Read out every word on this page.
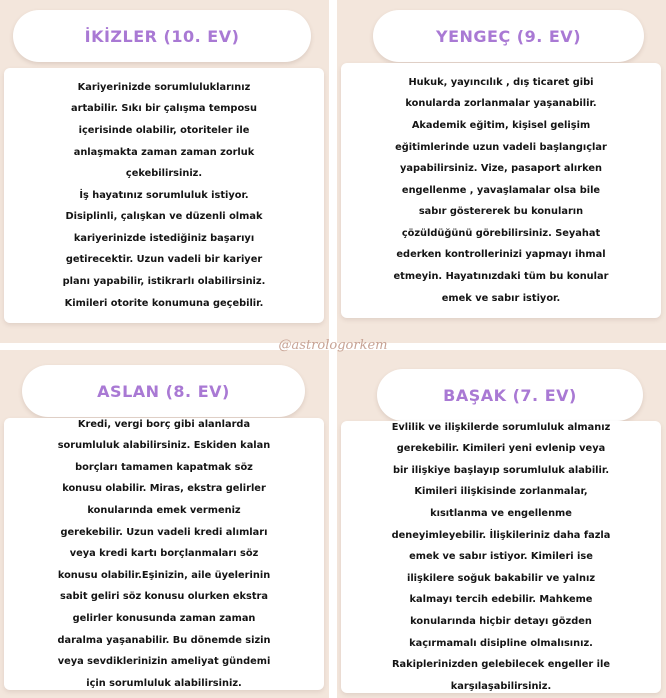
İKİZLER (10. EV)
Kariyerinizde sorumluluklarınız
artabilir. Sıkı bir çalışma temposu
içerisinde olabilir, otoriteler ile
anlaşmakta zaman zaman zorluk
çekebilirsiniz.
İş hayatınız sorumluluk istiyor.
Disiplinli, çalışkan ve düzenli olmak
kariyerinizde istediğiniz başarıyı
getirecektir. Uzun vadeli bir kariyer
planı yapabilir, istikrarlı olabilirsiniz.
Kimileri otorite konumuna geçebilir.
YENGEÇ (9. EV)
Hukuk, yayıncılık , dış ticaret gibi
konularda zorlanmalar yaşanabilir.
Akademik eğitim, kişisel gelişim
eğitimlerinde uzun vadeli başlangıçlar
yapabilirsiniz. Vize, pasaport alırken
engellenme , yavaşlamalar olsa bile
sabır göstererek bu konuların
çözüldüğünü görebilirsiniz. Seyahat
ederken kontrollerinizi yapmayı ihmal
etmeyin. Hayatınızdaki tüm bu konular
emek ve sabır istiyor.
@astrologorkem
ASLAN (8. EV)
Kredi, vergi borç gibi alanlarda
sorumluluk alabilirsiniz. Eskiden kalan
borçları tamamen kapatmak söz
konusu olabilir. Miras, ekstra gelirler
konularında emek vermeniz
gerekebilir. Uzun vadeli kredi alımları
veya kredi kartı borçlanmaları söz
konusu olabilir.Eşinizin, aile üyelerinin
sabit geliri söz konusu olurken ekstra
gelirler konusunda zaman zaman
daralma yaşanabilir. Bu dönemde sizin
veya sevdiklerinizin ameliyat gündemi
için sorumluluk alabilirsiniz.
BAŞAK (7. EV)
Evlilik ve ilişkilerde sorumluluk almanız
gerekebilir. Kimileri yeni evlenip veya
bir ilişkiye başlayıp sorumluluk alabilir.
Kimileri ilişkisinde zorlanmalar,
kısıtlanma ve engellenme
deneyimleyebilir. İlişkileriniz daha fazla
emek ve sabır istiyor. Kimileri ise
ilişkilere soğuk bakabilir ve yalnız
kalmayı tercih edebilir. Mahkeme
konularında hiçbir detayı gözden
kaçırmamalı disipline olmalısınız.
Rakiplerinizden gelebilecek engeller ile
karşılaşabilirsiniz.
